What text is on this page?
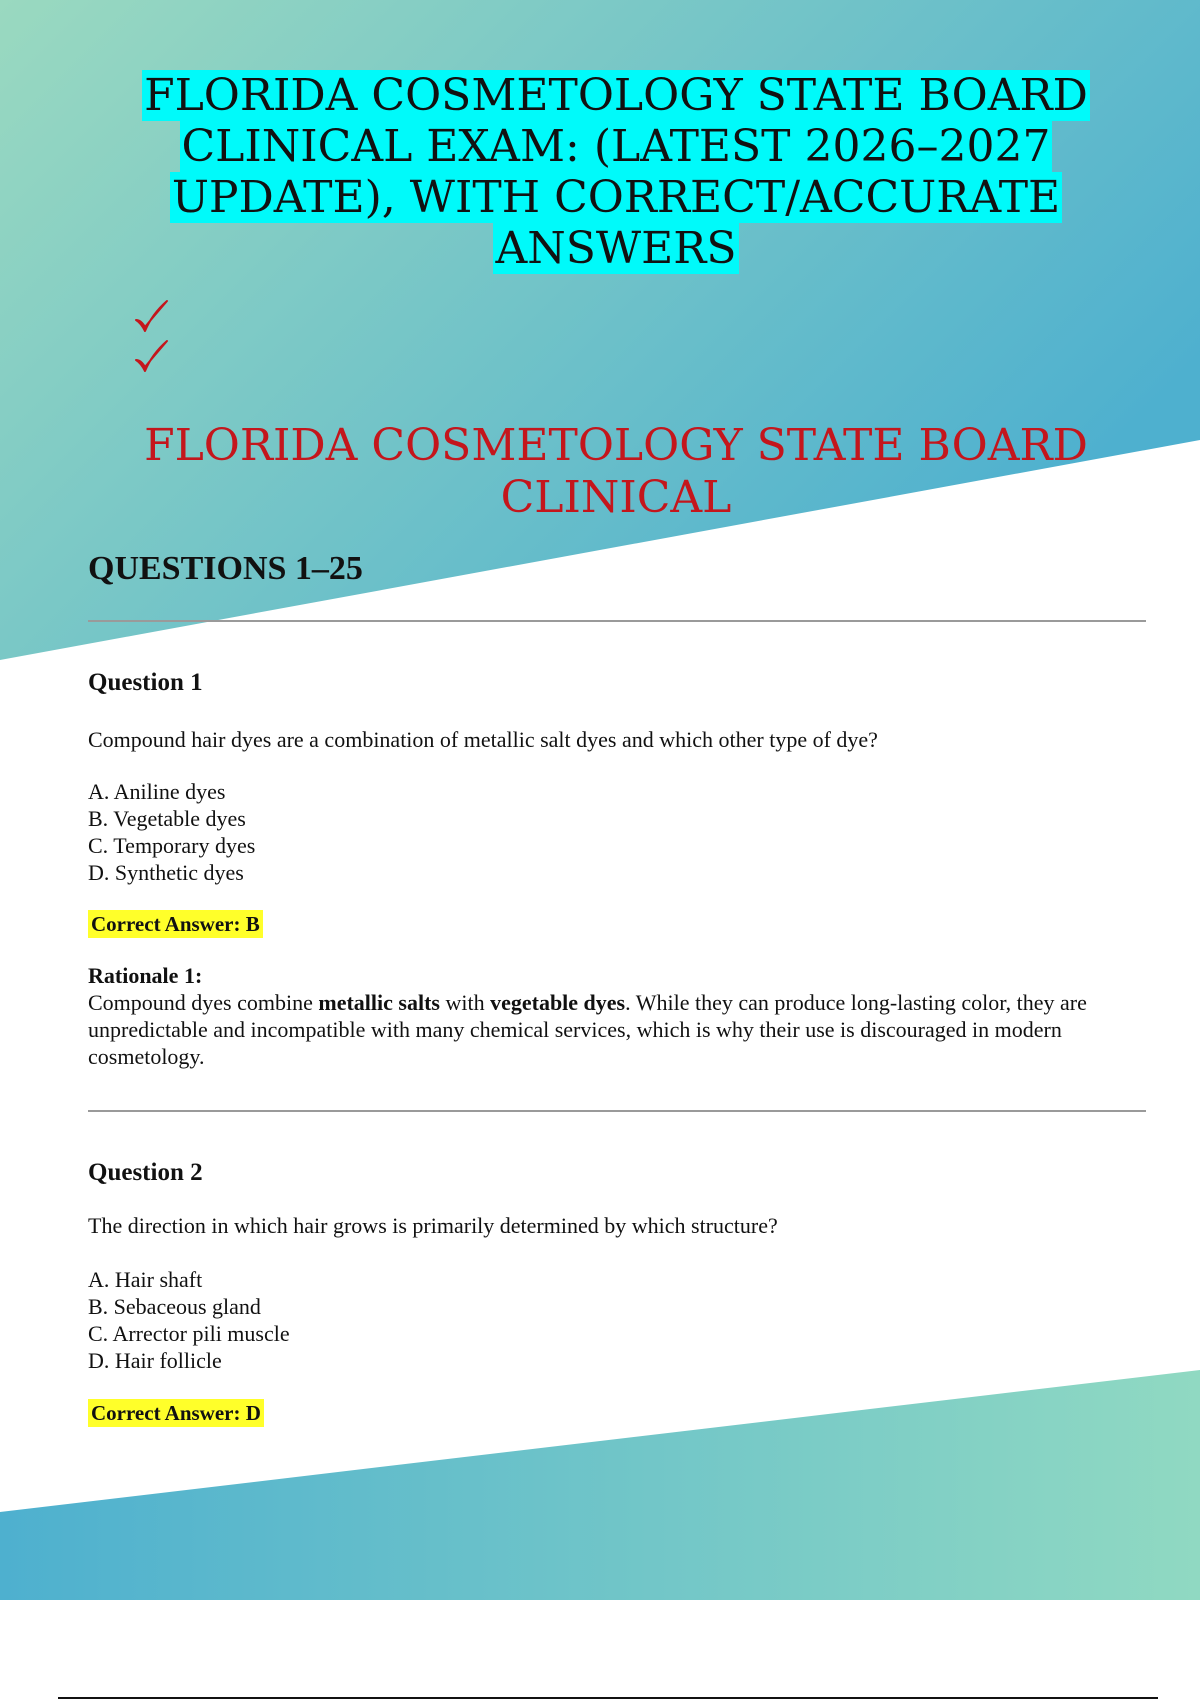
FLORIDA COSMETOLOGY STATE BOARD
CLINICAL EXAM: (LATEST 2026–2027
UPDATE), WITH CORRECT/ACCURATE
ANSWERS
FLORIDA COSMETOLOGY STATE BOARD
CLINICAL
QUESTIONS 1–25

Question 1

Compound hair dyes are a combination of metallic salt dyes and which other type of dye?

A. Aniline dyes
B. Vegetable dyes
C. Temporary dyes
D. Synthetic dyes
Correct Answer: B

Rationale 1:

Compound dyes combine metallic salts with vegetable dyes. While they can produce long-lasting color, they are unpredictable and incompatible with many chemical services, which is why their use is discouraged in modern cosmetology.

Question 2

The direction in which hair grows is primarily determined by which structure?

A. Hair shaft
B. Sebaceous gland
C. Arrector pili muscle
D. Hair follicle
Correct Answer: D
